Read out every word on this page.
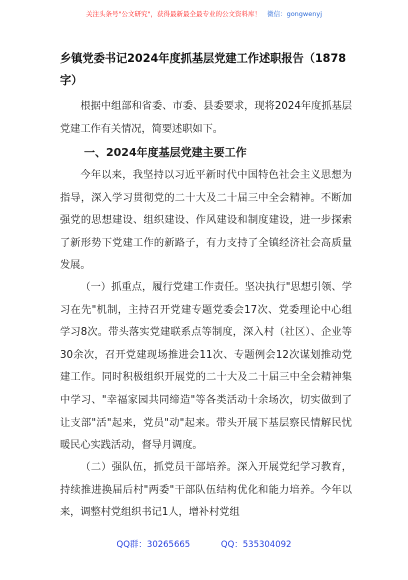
关注头条号"公文研究"，获得最新最全最专业的公文资料库！ 微信：gongwenyj
乡镇党委书记2024年度抓基层党建工作述职报告（1878字）
根据中组部和省委、市委、县委要求，现将2024年度抓基层党建工作有关情况，简要述职如下。
一、2024年度基层党建主要工作
今年以来，我坚持以习近平新时代中国特色社会主义思想为指导，深入学习贯彻党的二十大及二十届三中全会精神。不断加强党的思想建设、组织建设、作风建设和制度建设，进一步探索了新形势下党建工作的新路子，有力支持了全镇经济社会高质量发展。
（一）抓重点，履行党建工作责任。坚决执行"思想引领、学习在先"机制，主持召开党建专题党委会17次、党委理论中心组学习8次。带头落实党建联系点等制度，深入村（社区）、企业等30余次，召开党建现场推进会11次、专题例会12次谋划推动党建工作。同时积极组织开展党的二十大及二十届三中全会精神集中学习、"幸福家园共同缔造"等各类活动十余场次，切实做到了让支部"活"起来，党员"动"起来。带头开展下基层察民情解民忧暖民心实践活动，督导月调度。
（二）强队伍，抓党员干部培养。深入开展党纪学习教育，持续推进换届后村"两委"干部队伍结构优化和能力培养。今年以来，调整村党组织书记1人，增补村党组
QQ群：30265665	QQ：535304092
